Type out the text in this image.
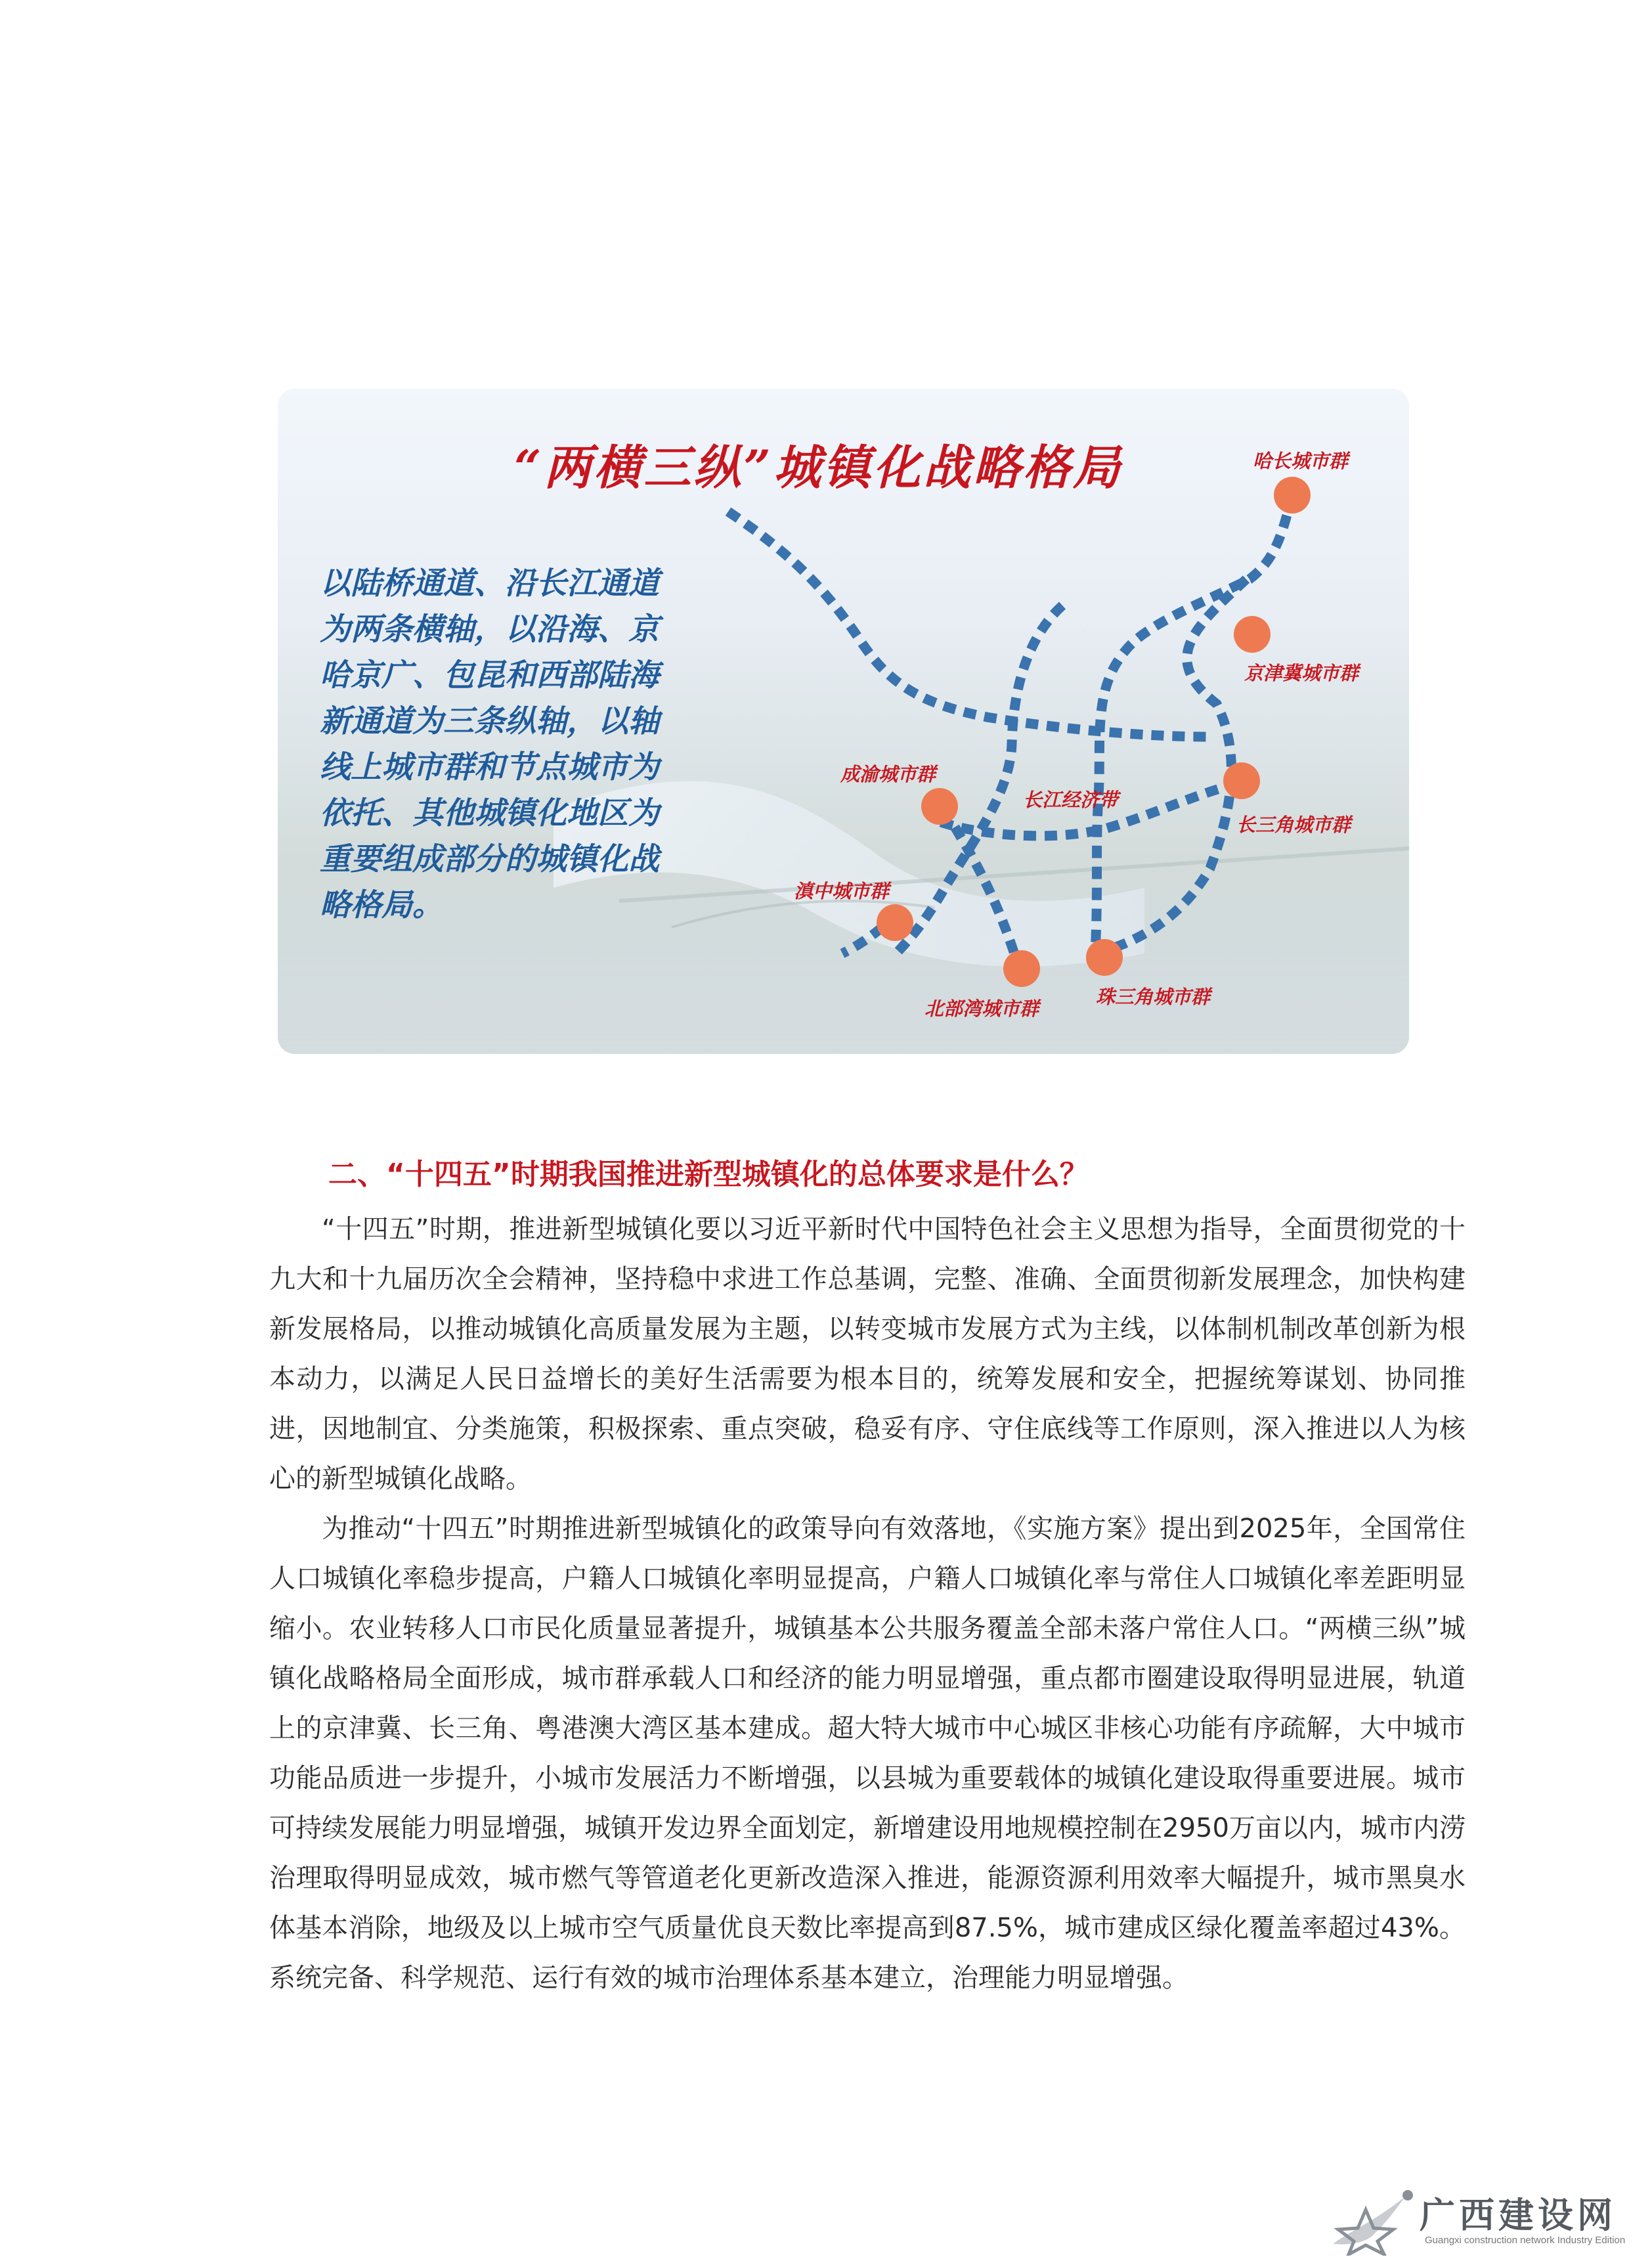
“两横三纵”城镇化战略格局
以陆桥通道、沿长江通道为两条横轴，以沿海、京哈京广、包昆和西部陆海新通道为三条纵轴，以轴线上城市群和节点城市为依托、其他城镇化地区为重要组成部分的城镇化战略格局。
哈长城市群
京津冀城市群
长三角城市群
成渝城市群
滇中城市群
北部湾城市群
珠三角城市群
长江经济带
二、“十四五”时期我国推进新型城镇化的总体要求是什么？

“十四五”时期，推进新型城镇化要以习近平新时代中国特色社会主义思想为指导，全面贯彻党的十九大和十九届历次全会精神，坚持稳中求进工作总基调，完整、准确、全面贯彻新发展理念，加快构建新发展格局，以推动城镇化高质量发展为主题，以转变城市发展方式为主线，以体制机制改革创新为根本动力，以满足人民日益增长的美好生活需要为根本目的，统筹发展和安全，把握统筹谋划、协同推进，因地制宜、分类施策，积极探索、重点突破，稳妥有序、守住底线等工作原则，深入推进以人为核心的新型城镇化战略。

为推动“十四五”时期推进新型城镇化的政策导向有效落地，《实施方案》提出到2025年，全国常住人口城镇化率稳步提高，户籍人口城镇化率明显提高，户籍人口城镇化率与常住人口城镇化率差距明显缩小。农业转移人口市民化质量显著提升，城镇基本公共服务覆盖全部未落户常住人口。“两横三纵”城镇化战略格局全面形成，城市群承载人口和经济的能力明显增强，重点都市圈建设取得明显进展，轨道上的京津冀、长三角、粤港澳大湾区基本建成。超大特大城市中心城区非核心功能有序疏解，大中城市功能品质进一步提升，小城市发展活力不断增强，以县城为重要载体的城镇化建设取得重要进展。城市可持续发展能力明显增强，城镇开发边界全面划定，新增建设用地规模控制在2950万亩以内，城市内涝治理取得明显成效，城市燃气等管道老化更新改造深入推进，能源资源利用效率大幅提升，城市黑臭水体基本消除，地级及以上城市空气质量优良天数比率提高到87.5%，城市建成区绿化覆盖率超过43%。系统完备、科学规范、运行有效的城市治理体系基本建立，治理能力明显增强。

广西建设网
Guangxi construction network Industry Edition
